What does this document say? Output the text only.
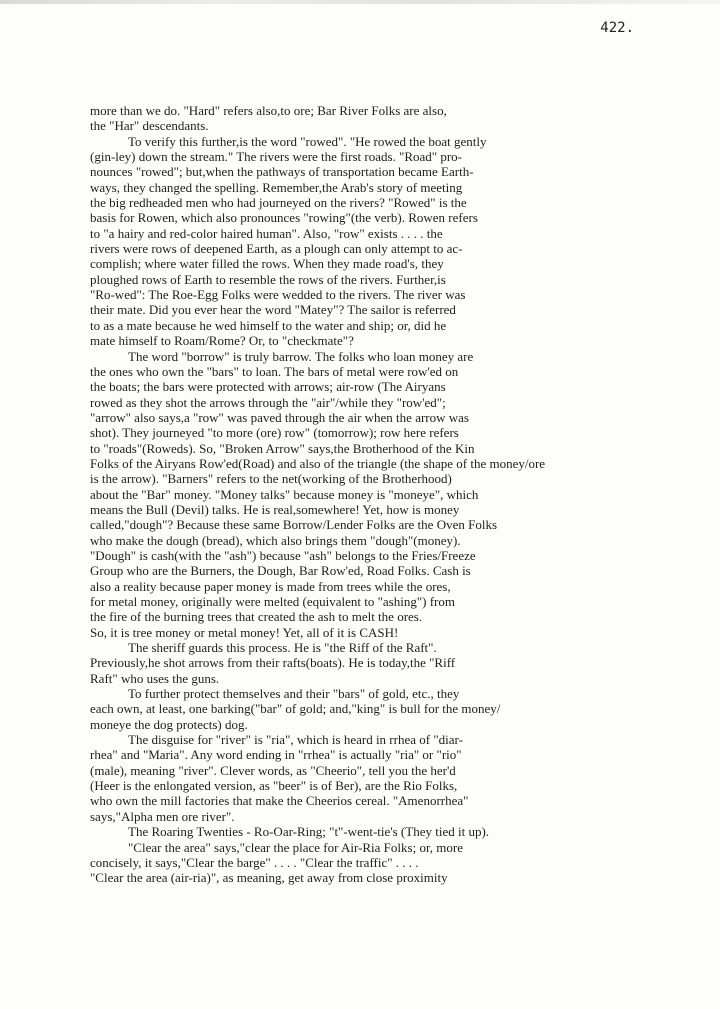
422.
more than we do. "Hard" refers also,to ore; Bar River Folks are also,
the "Har" descendants.
To verify this further,is the word "rowed". "He rowed the boat gently
(gin-ley) down the stream." The rivers were the first roads. "Road" pro-
nounces "rowed"; but,when the pathways of transportation became Earth-
ways, they changed the spelling. Remember,the Arab's story of meeting
the big redheaded men who had journeyed on the rivers? "Rowed" is the
basis for Rowen, which also pronounces "rowing"(the verb). Rowen refers
to "a hairy and red-color haired human". Also, "row" exists . . . . the
rivers were rows of deepened Earth, as a plough can only attempt to ac-
complish; where water filled the rows. When they made road's, they
ploughed rows of Earth to resemble the rows of the rivers. Further,is
"Ro-wed": The Roe-Egg Folks were wedded to the rivers. The river was
their mate. Did you ever hear the word "Matey"? The sailor is referred
to as a mate because he wed himself to the water and ship; or, did he
mate himself to Roam/Rome? Or, to "checkmate"?
The word "borrow" is truly barrow. The folks who loan money are
the ones who own the "bars" to loan. The bars of metal were row'ed on
the boats; the bars were protected with arrows; air-row (The Airyans
rowed as they shot the arrows through the "air"/while they "row'ed";
"arrow" also says,a "row" was paved through the air when the arrow was
shot). They journeyed "to more (ore) row" (tomorrow); row here refers
to "roads"(Roweds). So, "Broken Arrow" says,the Brotherhood of the Kin
Folks of the Airyans Row'ed(Road) and also of the triangle (the shape of the money/ore
is the arrow). "Barners" refers to the net(working of the Brotherhood)
about the "Bar" money. "Money talks" because money is "moneye", which
means the Bull (Devil) talks. He is real,somewhere! Yet, how is money
called,"dough"? Because these same Borrow/Lender Folks are the Oven Folks
who make the dough (bread), which also brings them "dough"(money).
"Dough" is cash(with the "ash") because "ash" belongs to the Fries/Freeze
Group who are the Burners, the Dough, Bar Row'ed, Road Folks. Cash is
also a reality because paper money is made from trees while the ores,
for metal money, originally were melted (equivalent to "ashing") from
the fire of the burning trees that created the ash to melt the ores.
So, it is tree money or metal money! Yet, all of it is CASH!
The sheriff guards this process. He is "the Riff of the Raft".
Previously,he shot arrows from their rafts(boats). He is today,the "Riff
Raft" who uses the guns.
To further protect themselves and their "bars" of gold, etc., they
each own, at least, one barking("bar" of gold; and,"king" is bull for the money/
moneye the dog protects) dog.
The disguise for "river" is "ria", which is heard in rrhea of "diar-
rhea" and "Maria". Any word ending in "rrhea" is actually "ria" or "rio"
(male), meaning "river". Clever words, as "Cheerio", tell you the her'd
(Heer is the enlongated version, as "beer" is of Ber), are the Rio Folks,
who own the mill factories that make the Cheerios cereal. "Amenorrhea"
says,"Alpha men ore river".
The Roaring Twenties - Ro-Oar-Ring; "t"-went-tie's (They tied it up).
"Clear the area" says,"clear the place for Air-Ria Folks; or, more
concisely, it says,"Clear the barge" . . . . "Clear the traffic" . . . .
"Clear the area (air-ria)", as meaning, get away from close proximity
